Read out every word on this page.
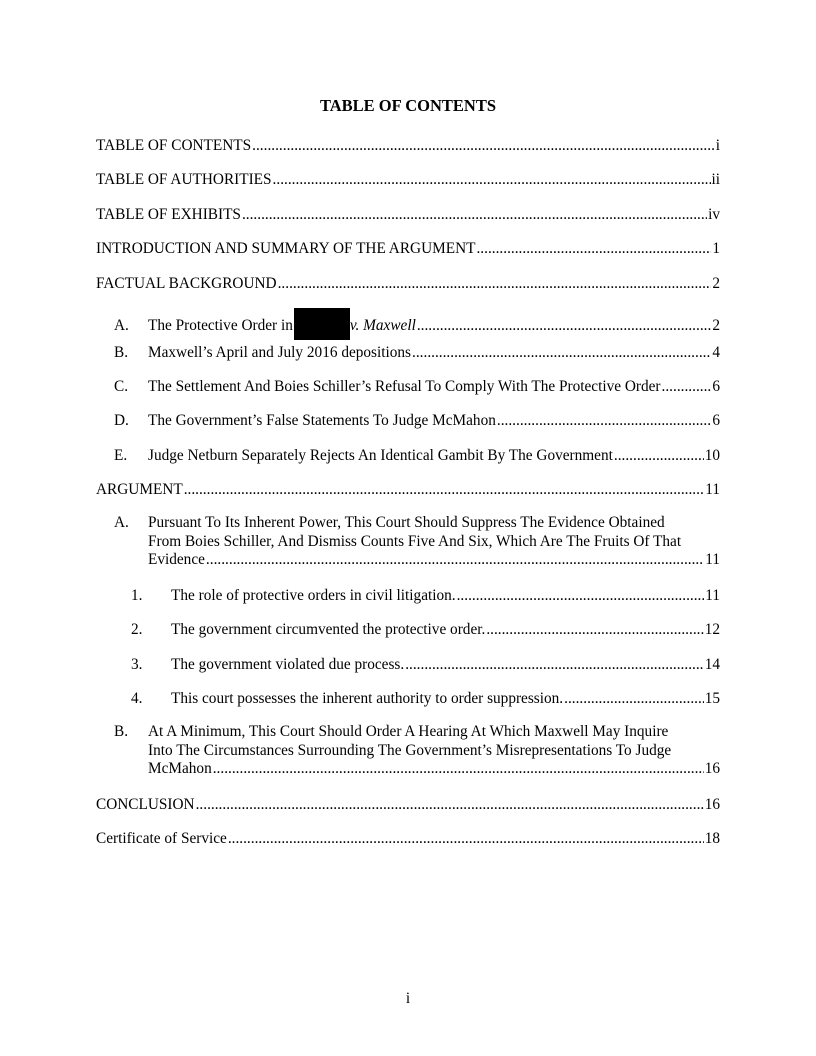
TABLE OF CONTENTS
TABLE OF CONTENTS .....	i
TABLE OF AUTHORITIES .....	ii
TABLE OF EXHIBITS .....	iv
INTRODUCTION AND SUMMARY OF THE ARGUMENT .....	1
FACTUAL BACKGROUND .....	2
A. The Protective Order in	v. Maxwell .....	2
B. Maxwell’s April and July 2016 depositions .....	4
C. The Settlement And Boies Schiller’s Refusal To Comply With The Protective Order .....	6
D. The Government’s False Statements To Judge McMahon .....	6
E. Judge Netburn Separately Rejects An Identical Gambit By The Government .....	10
ARGUMENT .....	11
A. Pursuant To Its Inherent Power, This Court Should Suppress The Evidence Obtained
From Boies Schiller, And Dismiss Counts Five And Six, Which Are The Fruits Of That
Evidence .....	11
1. The role of protective orders in civil litigation. .....	11
2. The government circumvented the protective order. .....	12
3. The government violated due process. .....	14
4. This court possesses the inherent authority to order suppression. .....	15
B. At A Minimum, This Court Should Order A Hearing At Which Maxwell May Inquire
Into The Circumstances Surrounding The Government’s Misrepresentations To Judge
McMahon .....	16
CONCLUSION .....	16
Certificate of Service .....	18
i
